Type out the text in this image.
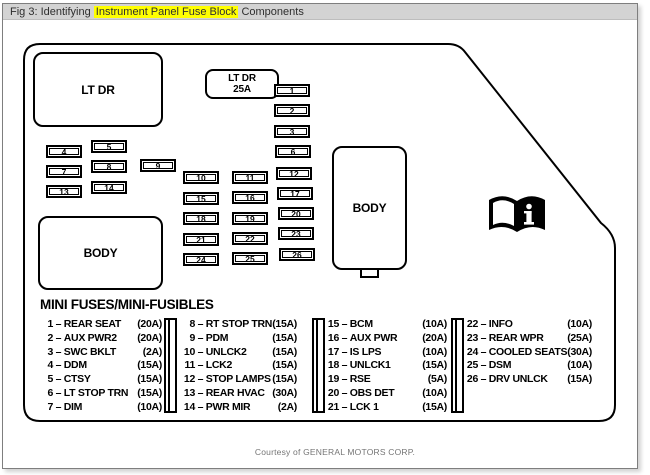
Fig 3: Identifying Instrument Panel Fuse Block Components
LT DR
LT DR
25A
BODY
BODY
1
2
3
4	5	6
7	8	9
10	11	12
13	14
15	16	17
18	19	20
21	22	23
24	25	26
MINI FUSES/MINI-FUSIBLES
1 – REAR SEAT (20A)
2 – AUX PWR2 (20A)
3 – SWC BKLT	(2A)
4 – DDM	(15A)
5 – CTSY	(15A)
6 – LT STOP TRN (15A)
7 – DIM	(10A)
8 – RT STOP TRN (15A)
9 – PDM	(15A)
10 – UNLCK2 (15A)
11 – LCK2	(15A)
12 – STOP LAMPS (15A)
13 – REAR HVAC (30A)
14 – PWR MIR	(2A)
15 – BCM	(10A)
16 – AUX PWR (20A)
17 – IS LPS	(10A)
18 – UNLCK1	(15A)
19 – RSE	(5A)
20 – OBS DET	(10A)
21 – LCK 1	(15A)
22 – INFO	(10A)
23 – REAR WPR (25A)
24 – COOLED SEATS (30A)
25 – DSM	(10A)
26 – DRV UNLCK (15A)
Courtesy of GENERAL MOTORS CORP.
